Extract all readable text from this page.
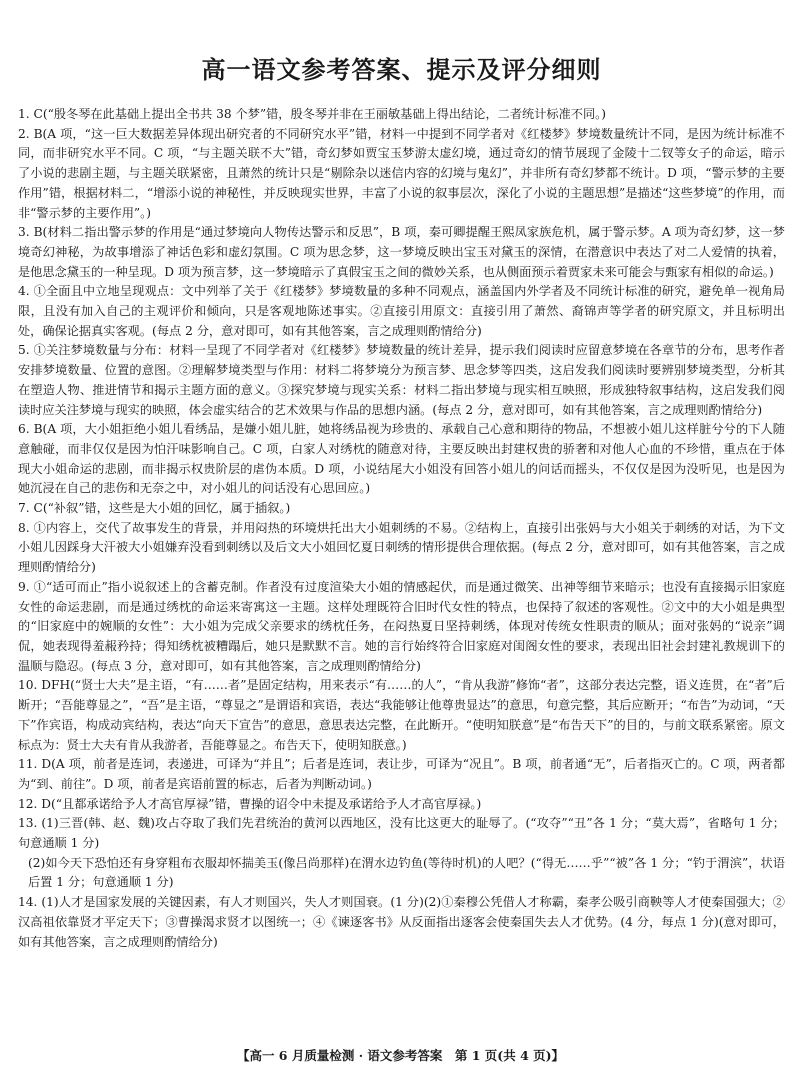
高一语文参考答案、提示及评分细则

1. C(“殷冬琴在此基础上提出全书共 38 个梦”错，殷冬琴并非在王丽敏基础上得出结论，二者统计标准不同。)

2. B(A 项，“这一巨大数据差异体现出研究者的不同研究水平”错，材料一中提到不同学者对《红楼梦》梦境数量统计不同，是因为统计标准不同，而非研究水平不同。C 项，“与主题关联不大”错，奇幻梦如贾宝玉梦游太虚幻境，通过奇幻的情节展现了金陵十二钗等女子的命运，暗示了小说的悲剧主题，与主题关联紧密，且萧然的统计只是“剔除杂以迷信内容的幻境与鬼幻”，并非所有奇幻梦都不统计。D 项，“警示梦的主要作用”错，根据材料二，“增添小说的神秘性，并反映现实世界，丰富了小说的叙事层次，深化了小说的主题思想”是描述“这些梦境”的作用，而非“警示梦的主要作用”。)

3. B(材料二指出警示梦的作用是“通过梦境向人物传达警示和反思”，B 项，秦可卿提醒王熙凤家族危机，属于警示梦。A 项为奇幻梦，这一梦境奇幻神秘，为故事增添了神话色彩和虚幻氛围。C 项为思念梦，这一梦境反映出宝玉对黛玉的深情，在潜意识中表达了对二人爱情的执着，是他思念黛玉的一种呈现。D 项为预言梦，这一梦境暗示了真假宝玉之间的微妙关系，也从侧面预示着贾家未来可能会与甄家有相似的命运。)

4. ①全面且中立地呈现观点：文中列举了关于《红楼梦》梦境数量的多种不同观点，涵盖国内外学者及不同统计标准的研究，避免单一视角局限，且没有加入自己的主观评价和倾向，只是客观地陈述事实。②直接引用原文：直接引用了萧然、裔锦声等学者的研究原文，并且标明出处，确保论据真实客观。(每点 2 分，意对即可，如有其他答案，言之成理则酌情给分)

5. ①关注梦境数量与分布：材料一呈现了不同学者对《红楼梦》梦境数量的统计差异，提示我们阅读时应留意梦境在各章节的分布，思考作者安排梦境数量、位置的意图。②理解梦境类型与作用：材料二将梦境分为预言梦、思念梦等四类，这启发我们阅读时要辨别梦境类型，分析其在塑造人物、推进情节和揭示主题方面的意义。③探究梦境与现实关系：材料二指出梦境与现实相互映照，形成独特叙事结构，这启发我们阅读时应关注梦境与现实的映照，体会虚实结合的艺术效果与作品的思想内涵。(每点 2 分，意对即可，如有其他答案，言之成理则酌情给分)

6. B(A 项，大小姐拒绝小姐儿看绣品，是嫌小姐儿脏，她将绣品视为珍贵的、承载自己心意和期待的物品，不想被小姐儿这样脏兮兮的下人随意触碰，而非仅仅是因为怕汗味影响自己。C 项，白家人对绣枕的随意对待，主要反映出封建权贵的骄奢和对他人心血的不珍惜，重点在于体现大小姐命运的悲剧，而非揭示权贵阶层的虐伪本质。D 项，小说结尾大小姐没有回答小姐儿的问话而摇头，不仅仅是因为没听见，也是因为她沉浸在自己的悲伤和无奈之中，对小姐儿的问话没有心思回应。)

7. C(“补叙”错，这些是大小姐的回忆，属于插叙。)

8. ①内容上，交代了故事发生的背景，并用闷热的环境烘托出大小姐刺绣的不易。②结构上，直接引出张妈与大小姐关于刺绣的对话，为下文小姐儿因踩身大汗被大小姐嫌弃没看到刺绣以及后文大小姐回忆夏日刺绣的情形提供合理依据。(每点 2 分，意对即可，如有其他答案，言之成理则酌情给分)

9. ①“适可而止”指小说叙述上的含蓄克制。作者没有过度渲染大小姐的情感起伏，而是通过微笑、出神等细节来暗示；也没有直接揭示旧家庭女性的命运悲剧，而是通过绣枕的命运来寄寓这一主题。这样处理既符合旧时代女性的特点，也保持了叙述的客观性。②文中的大小姐是典型的“旧家庭中的婉顺的女性”：大小姐为完成父亲要求的绣枕任务，在闷热夏日坚持刺绣，体现对传统女性职责的顺从；面对张妈的“说亲”调侃，她表现得羞赧矜持；得知绣枕被糟蹋后，她只是默默不言。她的言行始终符合旧家庭对闺阁女性的要求，表现出旧社会封建礼教规训下的温顺与隐忍。(每点 3 分，意对即可，如有其他答案，言之成理则酌情给分)

10. DFH(“贤士大夫”是主语，“有……者”是固定结构，用来表示“有……的人”，“肯从我游”修饰“者”，这部分表达完整，语义连贯，在“者”后断开；“吾能尊显之”，“吾”是主语，“尊显之”是谓语和宾语，表达“我能够让他尊贵显达”的意思，句意完整，其后应断开；“布告”为动词，“天下”作宾语，构成动宾结构，表达“向天下宣告”的意思，意思表达完整，在此断开。“使明知朕意”是“布告天下”的目的，与前文联系紧密。原文标点为：贤士大夫有肯从我游者，吾能尊显之。布告天下，使明知朕意。)

11. D(A 项，前者是连词，表递进，可译为“并且”；后者是连词，表让步，可译为“况且”。B 项，前者通“无”，后者指灭亡的。C 项，两者都为“到、前往”。D 项，前者是宾语前置的标志，后者为判断动词。)

12. D(“且都承诺给予人才高官厚禄”错，曹操的诏令中未提及承诺给予人才高官厚禄。)

13. (1)三晋(韩、赵、魏)攻占夺取了我们先君统治的黄河以西地区，没有比这更大的耻辱了。(“攻夺”“丑”各 1 分；“莫大焉”，省略句 1 分；句意通顺 1 分)

(2)如今天下恐怕还有身穿粗布衣服却怀揣美玉(像吕尚那样)在渭水边钓鱼(等待时机)的人吧？(“得无……乎”“被”各 1 分；“钓于渭滨”，状语后置 1 分；句意通顺 1 分)

14. (1)人才是国家发展的关键因素，有人才则国兴，失人才则国衰。(1 分)(2)①秦穆公凭借人才称霸，秦孝公吸引商鞅等人才使秦国强大；②汉高祖依靠贤才平定天下；③曹操渴求贤才以图统一；④《谏逐客书》从反面指出逐客会使秦国失去人才优势。(4 分，每点 1 分)(意对即可，如有其他答案，言之成理则酌情给分)

【高一 6 月质量检测 · 语文参考答案　第 1 页(共 4 页)】
